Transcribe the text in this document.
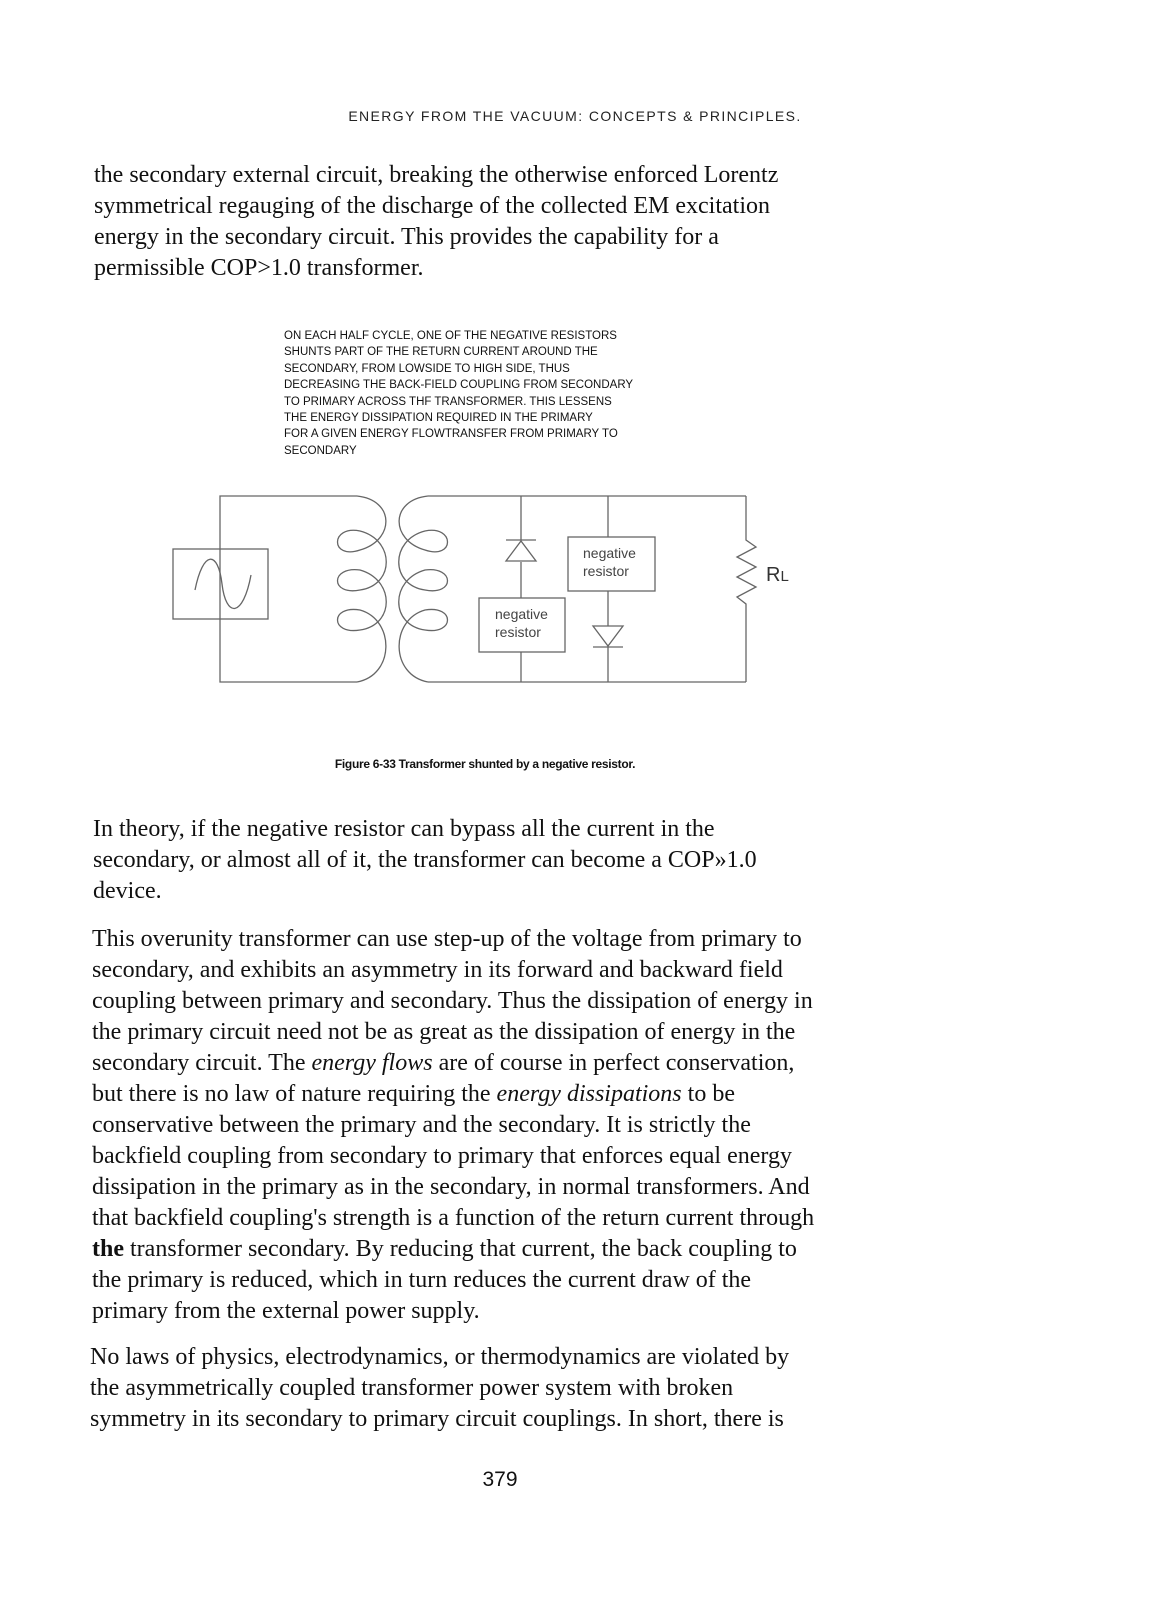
ENERGY FROM THE VACUUM: CONCEPTS & PRINCIPLES.

the secondary external circuit, breaking the otherwise enforced Lorentz
symmetrical regauging of the discharge of the collected EM excitation
energy in the secondary circuit. This provides the capability for a
permissible COP>1.0 transformer.

ON EACH HALF CYCLE, ONE OF THE NEGATIVE RESISTORS
SHUNTS PART OF THE RETURN CURRENT AROUND THE
SECONDARY, FROM LOWSIDE TO HIGH SIDE, THUS
DECREASING THE BACK-FIELD COUPLING FROM SECONDARY
TO PRIMARY ACROSS THF TRANSFORMER. THIS LESSENS
THE ENERGY DISSIPATION REQUIRED IN THE PRIMARY
FOR A GIVEN ENERGY FLOWTRANSFER FROM PRIMARY TO
SECONDARY
negative
resistor
negative
resistor	RL
Figure 6-33 Transformer shunted by a negative resistor.

In theory, if the negative resistor can bypass all the current in the
secondary, or almost all of it, the transformer can become a COP»1.0
device.

This overunity transformer can use step-up of the voltage from primary to
secondary, and exhibits an asymmetry in its forward and backward field
coupling between primary and secondary. Thus the dissipation of energy in
the primary circuit need not be as great as the dissipation of energy in the
secondary circuit. The energy flows are of course in perfect conservation,
but there is no law of nature requiring the energy dissipations to be
conservative between the primary and the secondary. It is strictly the
backfield coupling from secondary to primary that enforces equal energy
dissipation in the primary as in the secondary, in normal transformers. And
that backfield coupling's strength is a function of the return current through
the transformer secondary. By reducing that current, the back coupling to
the primary is reduced, which in turn reduces the current draw of the
primary from the external power supply.

No laws of physics, electrodynamics, or thermodynamics are violated by
the asymmetrically coupled transformer power system with broken
symmetry in its secondary to primary circuit couplings. In short, there is

379
